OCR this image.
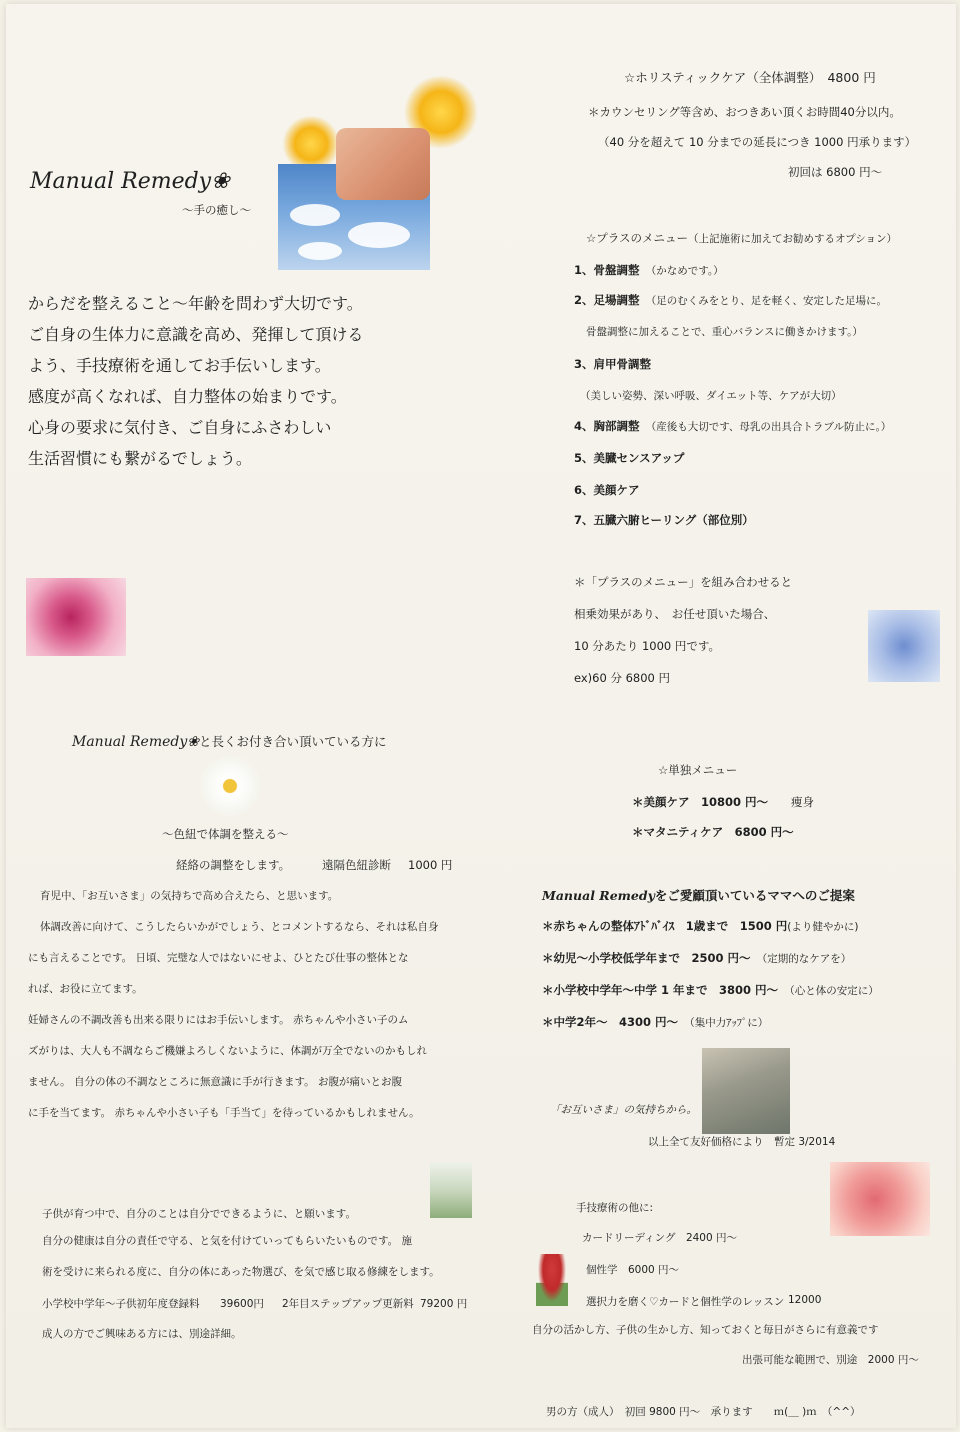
Manual Remedy❀
～手の癒し～
からだを整えること～年齢を問わず大切です。
ご自身の生体力に意識を高め、発揮して頂ける
よう、手技療術を通してお手伝いします。
感度が高くなれば、自力整体の始まりです。
心身の要求に気付き、ご自身にふさわしい
生活習慣にも繋がるでしょう。
Manual Remedy❀と長くお付き合い頂いている方に
～色紐で体調を整える～
経絡の調整をします。	遠隔色紐診断 1000 円
育児中、「お互いさま」の気持ちで高め合えたら、と思います。
体調改善に向けて、こうしたらいかがでしょう、とコメントするなら、それは私自身
にも言えることです。 日頃、完璧な人ではないにせよ、ひとたび仕事の整体とな
れば、お役に立てます。
妊婦さんの不調改善も出来る限りにはお手伝いします。 赤ちゃんや小さい子のム
ズがりは、大人も不調ならご機嫌よろしくないように、体調が万全でないのかもしれ
ません。 自分の体の不調なところに無意識に手が行きます。 お腹が痛いとお腹
に手を当てます。 赤ちゃんや小さい子も「手当て」を待っているかもしれません。
子供が育つ中で、自分のことは自分でできるように、と願います。
自分の健康は自分の責任で守る、と気を付けていってもらいたいものです。 施
術を受けに来られる度に、自分の体にあった物選び、を気で感じ取る修練をします。
小学校中学年～子供初年度登録料 39600円 2年目ステップアップ更新料 79200 円
成人の方でご興味ある方には、別途詳細。
☆ホリスティックケア（全体調整）　4800 円
＊カウンセリング等含め、おつきあい頂くお時間40分以内。
（40 分を超えて 10 分までの延長につき 1000 円承ります）
初回は 6800 円～
☆プラスのメニュー（上記施術に加えてお勧めするオプション）
1、骨盤調整　 （かなめです。）
2、足場調整　 （足のむくみをとり、足を軽く、安定した足場に。
骨盤調整に加えることで、重心バランスに働きかけます。）
3、肩甲骨調整
（美しい姿勢、深い呼吸、ダイエット等、ケアが大切）
4、胸部調整　 （産後も大切です、母乳の出具合トラブル防止に。）
5、美臓センスアップ
6、美顔ケア
7、五臓六腑ヒーリング（部位別）
＊「プラスのメニュー」を組み合わせると
相乗効果があり、　お任せ頂いた場合、
10 分あたり 1000 円です。
ex)60 分 6800 円
☆単独メニュー
＊美顔ケア　10800 円～　　 痩身
＊マタニティケア　6800 円～
Manual Remedyをご愛顧頂いているママへのご提案
＊赤ちゃんの整体ｱﾄﾞﾊﾞｲｽ　1歳まで　1500 円(より健やかに)
＊幼児～小学校低学年まで　2500 円～　 （定期的なケアを）
＊小学校中学年～中学 1 年まで　3800 円～　 （心と体の安定に）
＊中学2年～　4300 円～　 （集中力ｱｯﾌﾟに）
「お互いさま」の気持ちから。
以上全て友好価格により　 暫定 3/2014
手技療術の他に:
カードリーディング　2400 円～
個性学　6000 円～
選択力を磨く♡カードと個性学のレッスン 12000
自分の活かし方、子供の生かし方、知っておくと毎日がさらに有意義です
出張可能な範囲で、別途　2000 円～
男の方（成人）　初回 9800 円～　承ります　　ｍ(＿ )ｍ　（^^）
